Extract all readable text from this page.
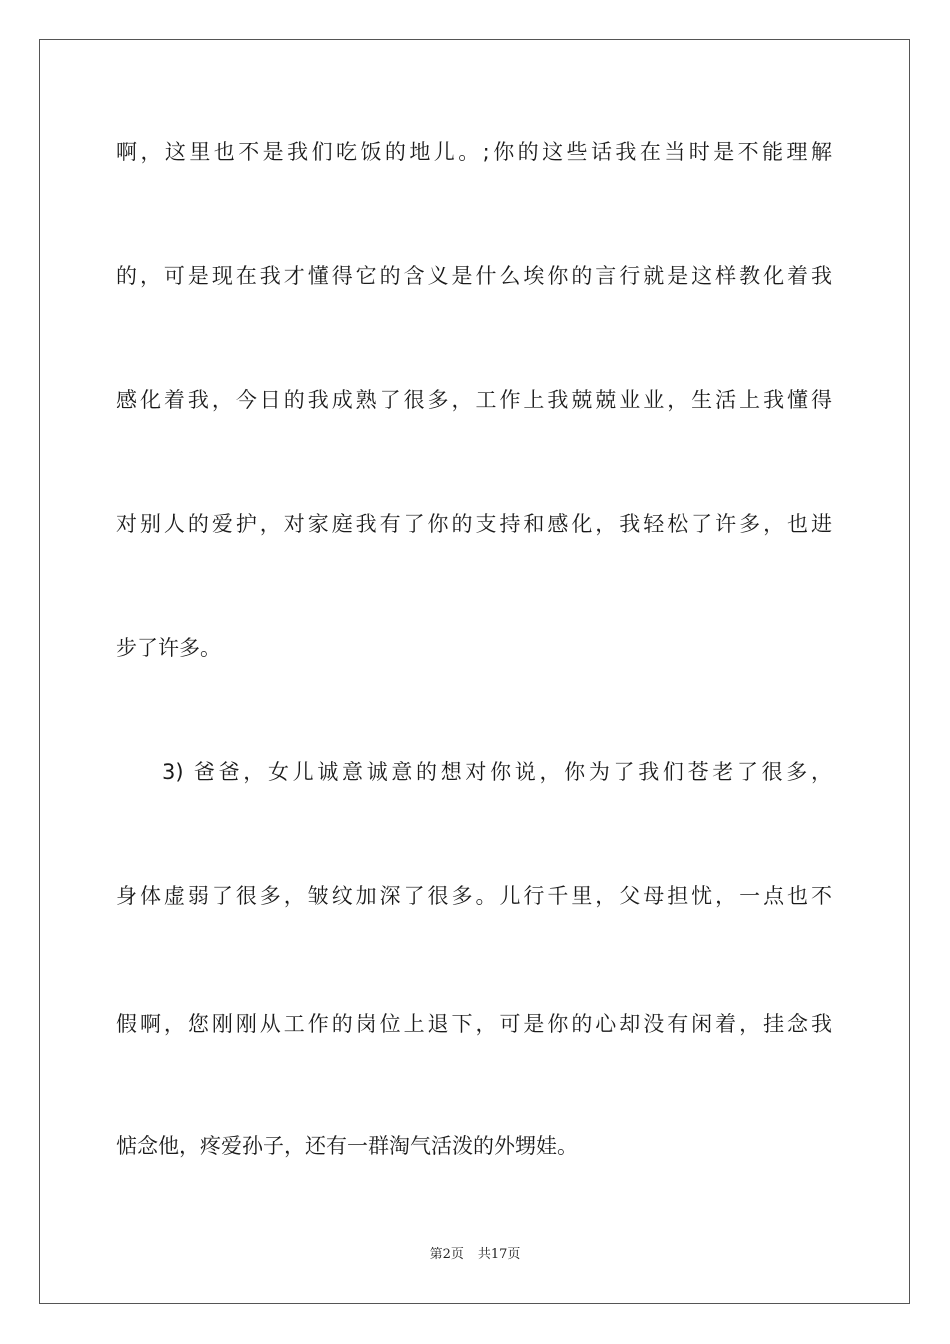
啊，这里也不是我们吃饭的地儿。;你的这些话我在当时是不能理解
的，可是现在我才懂得它的含义是什么埃你的言行就是这样教化着我
感化着我，今日的我成熟了很多，工作上我兢兢业业，生活上我懂得
对别人的爱护，对家庭我有了你的支持和感化，我轻松了许多，也进
步了许多。
3) 爸爸，女儿诚意诚意的想对你说，你为了我们苍老了很多，
身体虚弱了很多，皱纹加深了很多。儿行千里，父母担忧，一点也不
假啊，您刚刚从工作的岗位上退下，可是你的心却没有闲着，挂念我
惦念他，疼爱孙子，还有一群淘气活泼的外甥娃。
第2页 共17页
